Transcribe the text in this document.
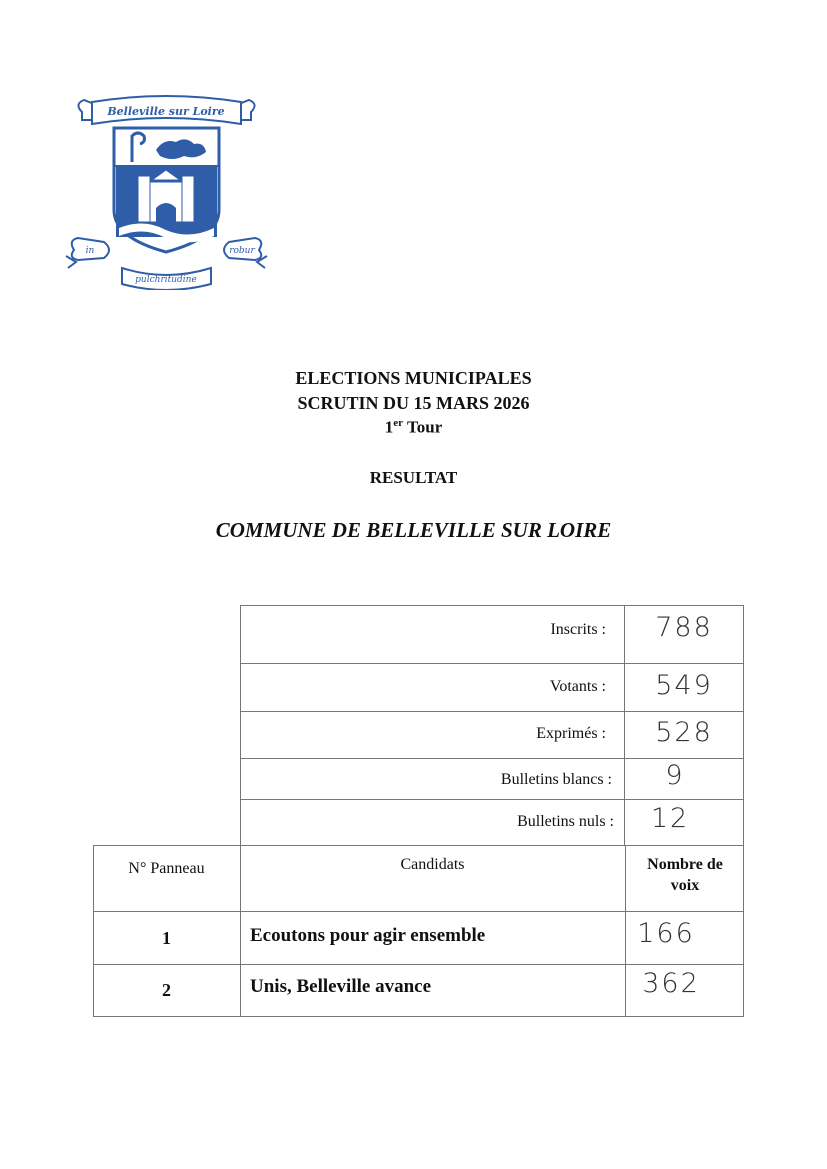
Belleville sur Loire
in	robur
pulchritudine
ELECTIONS MUNICIPALES
SCRUTIN DU 15 MARS 2026
1er Tour
RESULTAT
COMMUNE DE BELLEVILLE SUR LOIRE
Inscrits :	788
Votants :	549
Exprimés :	528
Bulletins blancs :	9
Bulletins nuls :	12
N° Panneau	Candidats	Nombre de
voix
1	Ecoutons pour agir ensemble	166
2	Unis, Belleville avance	362
